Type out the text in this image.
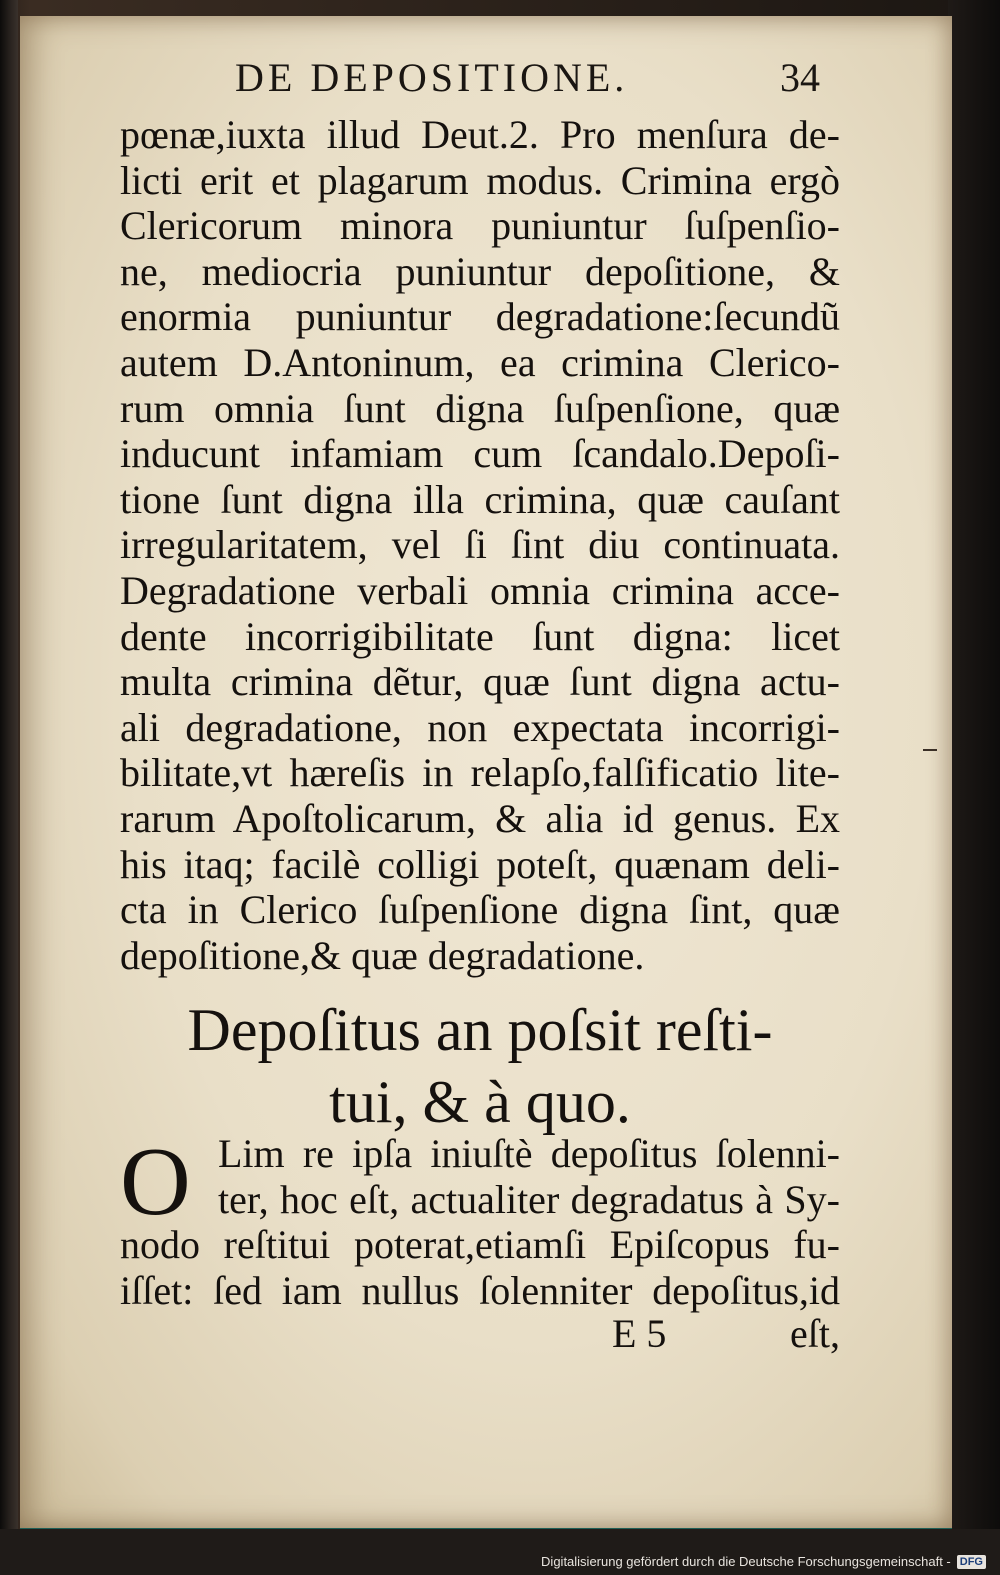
DE DEPOSITIONE.	34
pœnæ,iuxta illud Deut.2. Pro menſura de-
licti erit et plagarum modus. Crimina ergò
Clericorum minora puniuntur ſuſpenſio-
ne, mediocria puniuntur depoſitione, &
enormia puniuntur degradatione:ſecundũ
autem D.Antoninum, ea crimina Clerico-
rum omnia ſunt digna ſuſpenſione, quæ
inducunt infamiam cum ſcandalo.Depoſi-
tione ſunt digna illa crimina, quæ cauſant
irregularitatem, vel ſi ſint diu continuata.
Degradatione verbali omnia crimina acce-
dente incorrigibilitate ſunt digna: licet
multa crimina dẽtur, quæ ſunt digna actu-
ali degradatione, non expectata incorrigi-
bilitate,vt hæreſis in relapſo,falſificatio lite-
rarum Apoſtolicarum, & alia id genus. Ex
his itaq; facilè colligi poteſt, quænam deli-
cta in Clerico ſuſpenſione digna ſint, quæ
depoſitione,& quæ degradatione.
Depoſitus an poſsit reſti-
tui, & à quo.
O Lim re ipſa iniuſtè depoſitus ſolenni-
ter, hoc eſt, actualiter degradatus à Sy-
nodo reſtitui poterat,etiamſi Epiſcopus fu-
iſſet: ſed iam nullus ſolenniter depoſitus,id
E 5	eſt,
Digitalisierung gefördert durch die Deutsche Forschungsgemeinschaft - DFG
